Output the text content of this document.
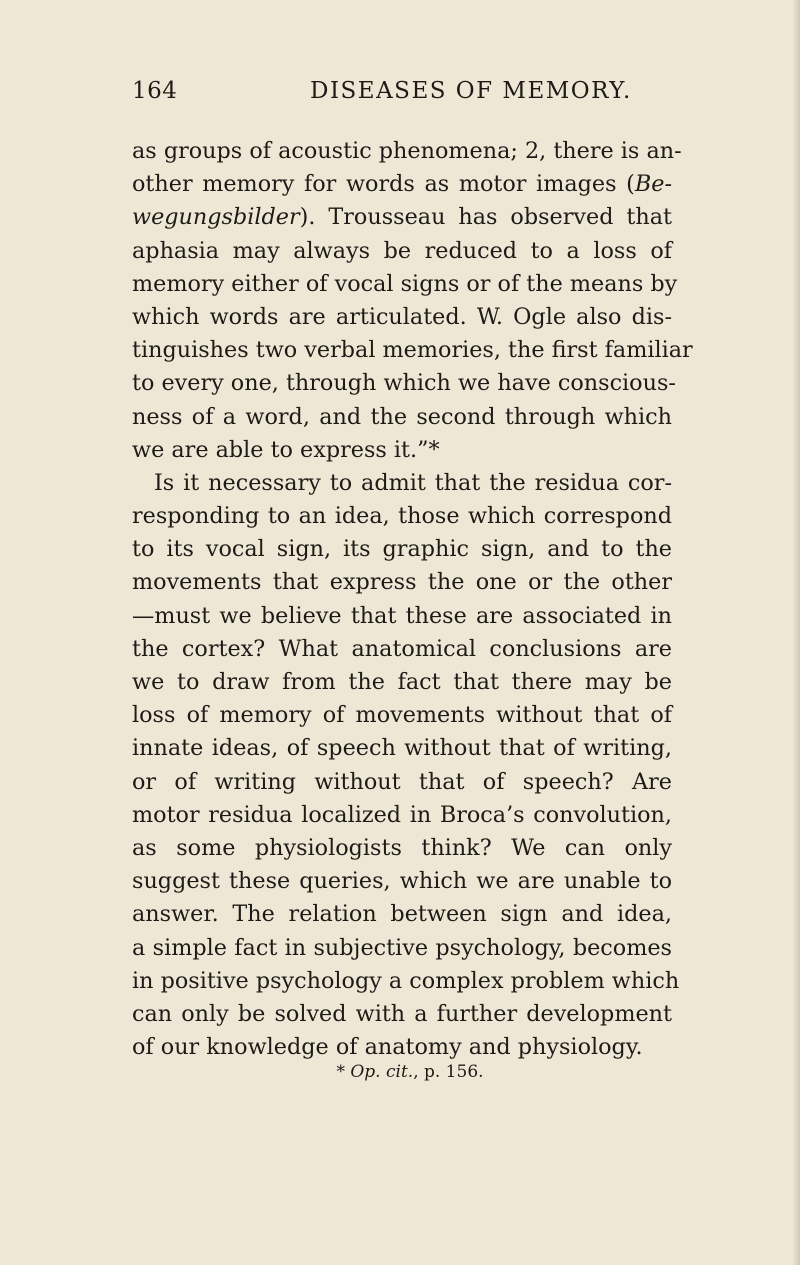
164	DISEASES OF MEMORY.
as groups of acoustic phenomena; 2, there is an-
other memory for words as motor images (Be-
wegungsbilder). Trousseau has observed that
aphasia may always be reduced to a loss of
memory either of vocal signs or of the means by
which words are articulated. W. Ogle also dis-
tinguishes two verbal memories, the first familiar
to every one, through which we have conscious-
ness of a word, and the second through which
we are able to express it.”*
Is it necessary to admit that the residua cor-
responding to an idea, those which correspond
to its vocal sign, its graphic sign, and to the
movements that express the one or the other
—must we believe that these are associated in
the cortex? What anatomical conclusions are
we to draw from the fact that there may be
loss of memory of movements without that of
innate ideas, of speech without that of writing,
or of writing without that of speech? Are
motor residua localized in Broca’s convolution,
as some physiologists think? We can only
suggest these queries, which we are unable to
answer. The relation between sign and idea,
a simple fact in subjective psychology, becomes
in positive psychology a complex problem which
can only be solved with a further development
of our knowledge of anatomy and physiology.
* Op. cit., p. 156.
